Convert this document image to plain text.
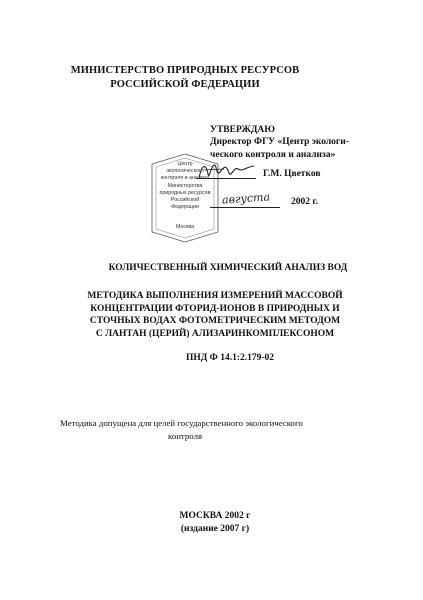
МИНИСТЕРСТВО ПРИРОДНЫХ РЕСУРСОВ
РОССИЙСКОЙ ФЕДЕРАЦИИ
УТВЕРЖДАЮ
Директор ФГУ «Центр экологи-
ческого контроля и анализа»
Центр
экологического
контроля и анализа
Министерства
природных ресурсов
Российской
Федерации
Москва
Г.М. Цветков
августа 2002 г.
КОЛИЧЕСТВЕННЫЙ ХИМИЧЕСКИЙ АНАЛИЗ ВОД
МЕТОДИКА ВЫПОЛНЕНИЯ ИЗМЕРЕНИЙ МАССОВОЙ
КОНЦЕНТРАЦИИ ФТОРИД-ИОНОВ В ПРИРОДНЫХ И
СТОЧНЫХ ВОДАХ ФОТОМЕТРИЧЕСКИМ МЕТОДОМ
С ЛАНТАН (ЦЕРИЙ) АЛИЗАРИНКОМПЛЕКСОНОМ
ПНД Ф 14.1:2.179-02
Методика допущена для целей государственного экологического
контроля
МОСКВА 2002 г
(издание 2007 г)
